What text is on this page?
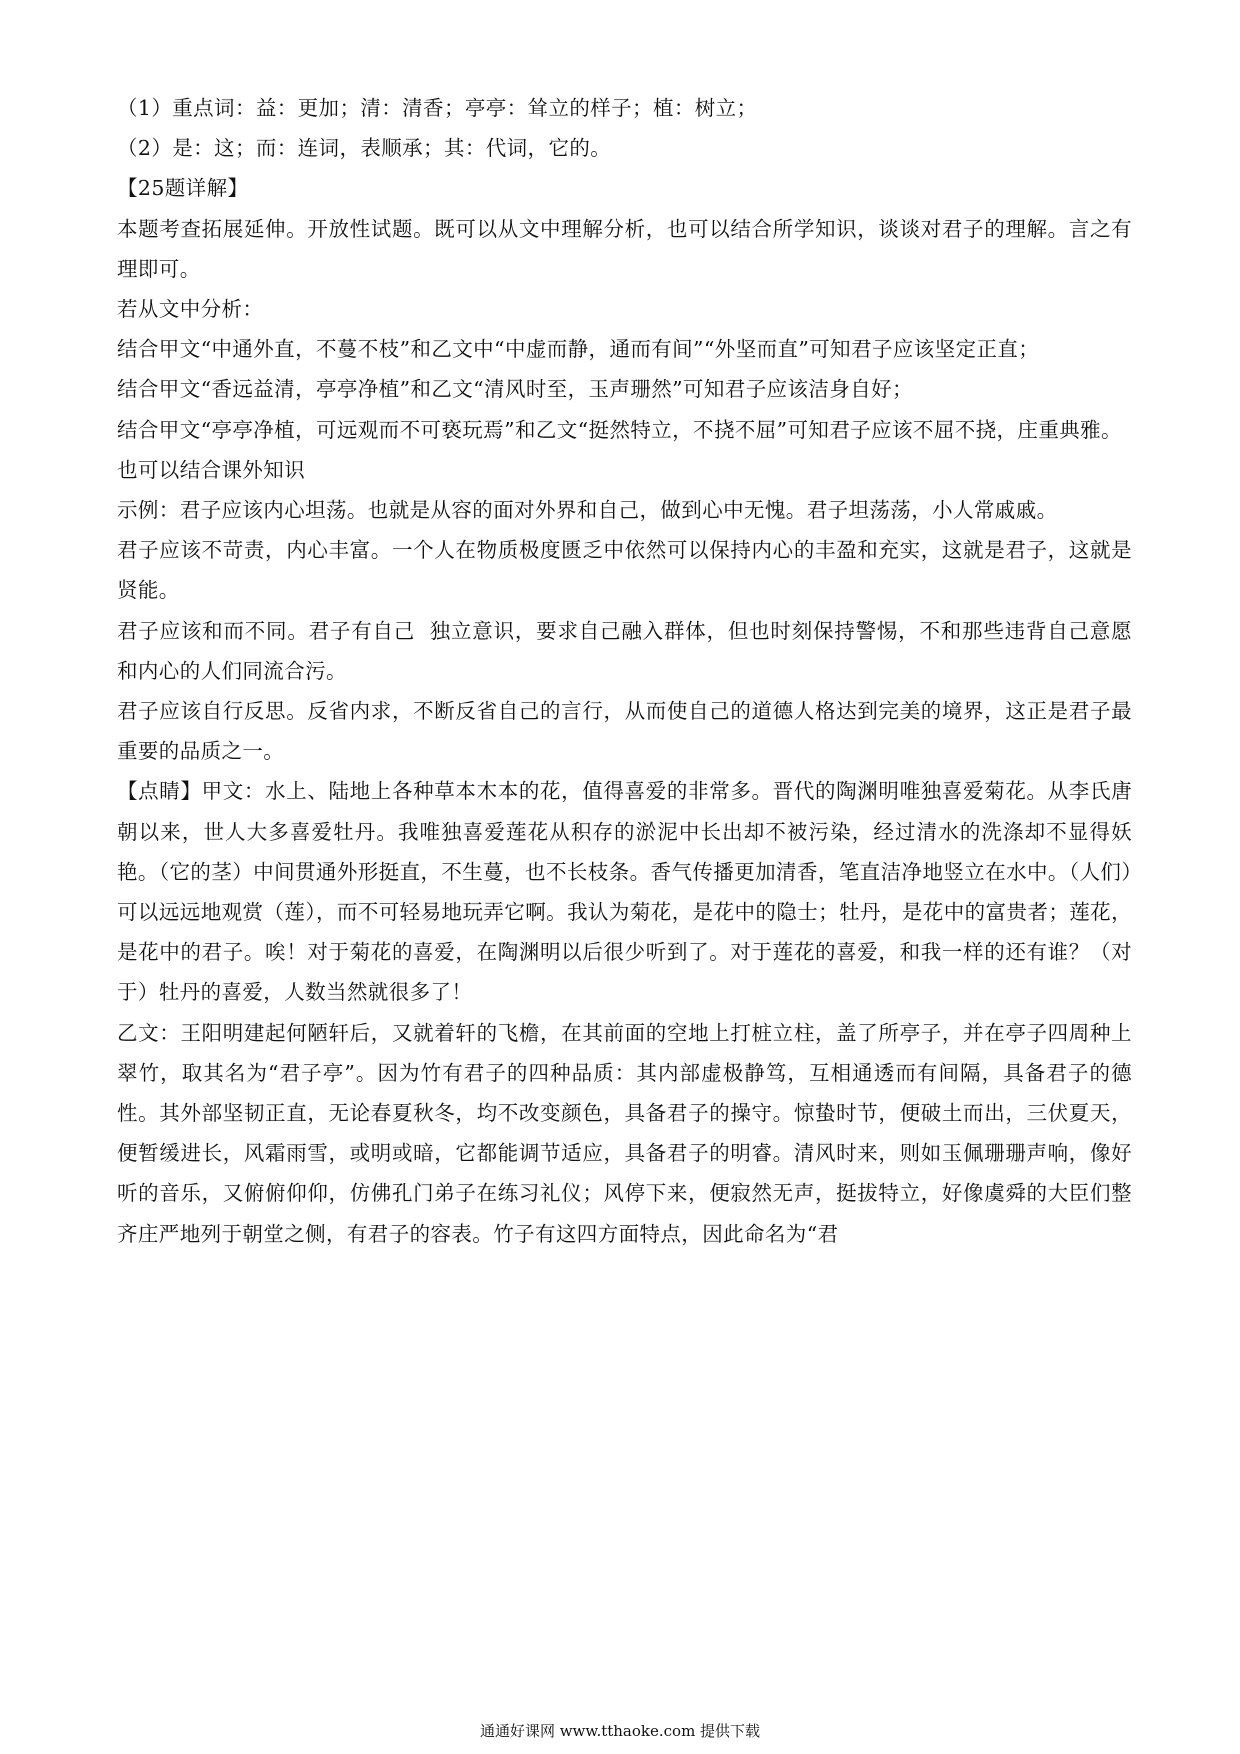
（1）重点词：益：更加；清：清香；亭亭：耸立的样子；植：树立；

（2）是：这；而：连词，表顺承；其：代词，它的。

【25题详解】

本题考查拓展延伸。开放性试题。既可以从文中理解分析，也可以结合所学知识，谈谈对君子的理解。言之有理即可。

若从文中分析：

结合甲文“中通外直，不蔓不枝”和乙文中“中虚而静，通而有间”“外坚而直”可知君子应该坚定正直；

结合甲文“香远益清，亭亭净植”和乙文“清风时至，玉声珊然”可知君子应该洁身自好；

结合甲文“亭亭净植，可远观而不可亵玩焉”和乙文“挺然特立，不挠不屈”可知君子应该不屈不挠，庄重典雅。

也可以结合课外知识

示例：君子应该内心坦荡。也就是从容的面对外界和自己，做到心中无愧。君子坦荡荡，小人常戚戚。

君子应该不苛责，内心丰富。一个人在物质极度匮乏中依然可以保持内心的丰盈和充实，这就是君子，这就是贤能。

君子应该和而不同。君子有自己  独立意识，要求自己融入群体，但也时刻保持警惕，不和那些违背自己意愿和内心的人们同流合污。

君子应该自行反思。反省内求，不断反省自己的言行，从而使自己的道德人格达到完美的境界，这正是君子最重要的品质之一。

【点睛】甲文：水上、陆地上各种草本木本的花，值得喜爱的非常多。晋代的陶渊明唯独喜爱菊花。从李氏唐朝以来，世人大多喜爱牡丹。我唯独喜爱莲花从积存的淤泥中长出却不被污染，经过清水的洗涤却不显得妖艳。（它的茎）中间贯通外形挺直，不生蔓，也不长枝条。香气传播更加清香，笔直洁净地竖立在水中。（人们）可以远远地观赏（莲），而不可轻易地玩弄它啊。我认为菊花，是花中的隐士；牡丹，是花中的富贵者；莲花，是花中的君子。唉！对于菊花的喜爱，在陶渊明以后很少听到了。对于莲花的喜爱，和我一样的还有谁？（对于）牡丹的喜爱，人数当然就很多了！

乙文：王阳明建起何陋轩后，又就着轩的飞檐，在其前面的空地上打桩立柱，盖了所亭子，并在亭子四周种上翠竹，取其名为“君子亭”。因为竹有君子的四种品质：其内部虚极静笃，互相通透而有间隔，具备君子的德性。其外部坚韧正直，无论春夏秋冬，均不改变颜色，具备君子的操守。惊蛰时节，便破土而出，三伏夏天，便暂缓进长，风霜雨雪，或明或暗，它都能调节适应，具备君子的明睿。清风时来，则如玉佩珊珊声响，像好听的音乐，又俯俯仰仰，仿佛孔门弟子在练习礼仪；风停下来，便寂然无声，挺拔特立，好像虞舜的大臣们整齐庄严地列于朝堂之侧，有君子的容表。竹子有这四方面特点，因此命名为“君

通通好课网 www.tthaoke.com 提供下载
